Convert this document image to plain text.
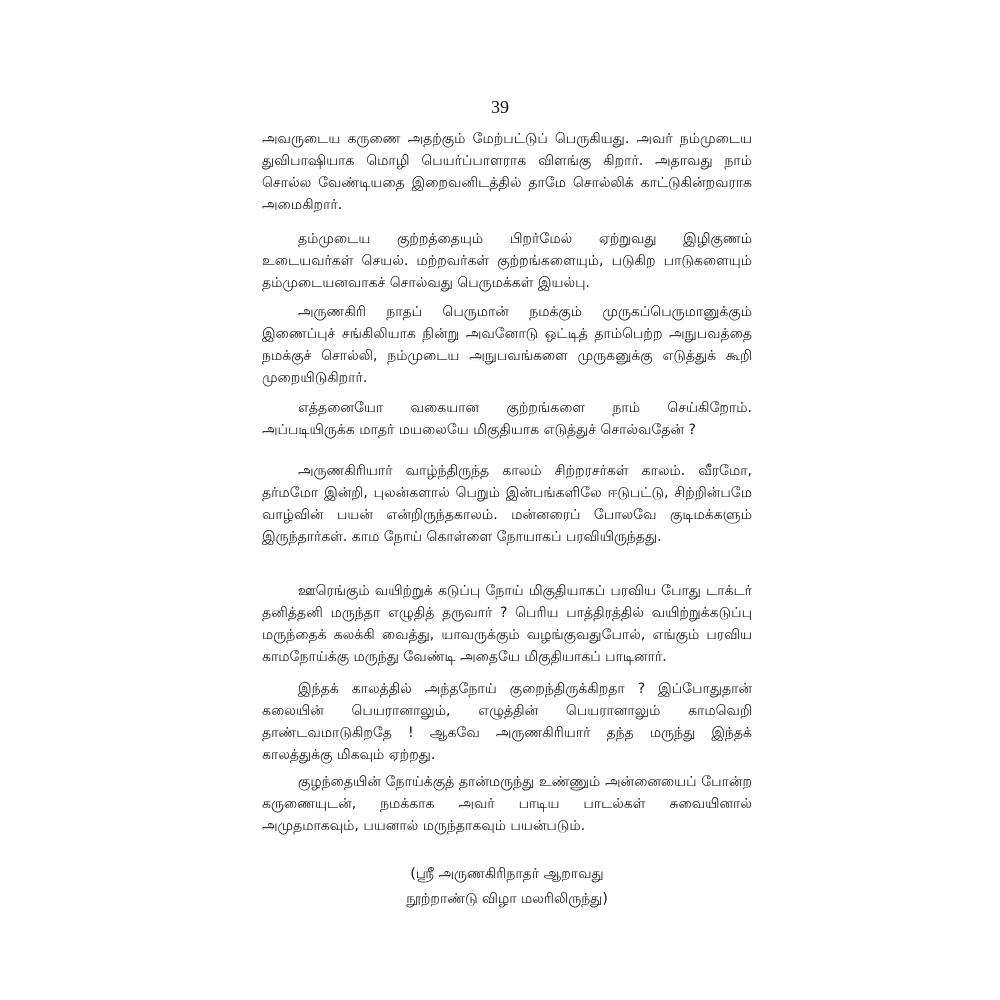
39

அவருடைய கருணை அதற்கும் மேற்பட்டுப் பெருகியது. அவர் நம்முடைய துவிபாஷியாக மொழி பெயர்ப்பாளராக விளங்கு கிறார். அதாவது நாம் சொல்ல வேண்டியதை இறைவனிடத்தில் தாமே சொல்லிக் காட்டுகின்றவராக அமைகிறார்.

தம்முடைய குற்றத்தையும் பிறர்மேல் ஏற்றுவது இழிகுணம் உடையவர்கள் செயல். மற்றவர்கள் குற்றங்களையும், படுகிற பாடுகளையும் தம்முடையனவாகச் சொல்வது பெருமக்கள் இயல்பு.

அருணகிரி நாதப் பெருமான் நமக்கும் முருகப்பெருமானுக்கும் இணைப்புச் சங்கிலியாக நின்று அவனோடு ஒட்டித் தாம்பெற்ற அநுபவத்தை நமக்குச் சொல்லி, நம்முடைய அநுபவங்களை முருகனுக்கு எடுத்துக் கூறி முறையிடுகிறார்.

எத்தனையோ வகையான குற்றங்களை நாம் செய்கிறோம். அப்படியிருக்க மாதர் மயலையே மிகுதியாக எடுத்துச் சொல்வதேன் ?

அருணகிரியார் வாழ்ந்திருந்த காலம் சிற்றரசர்கள் காலம். வீரமோ, தர்மமோ இன்றி, புலன்களால் பெறும் இன்பங்களிலே ஈடுபட்டு, சிற்றின்பமே வாழ்வின் பயன் என்றிருந்தகாலம். மன்னரைப் போலவே குடிமக்களும் இருந்தார்கள். காம நோய் கொள்ளை நோயாகப் பரவியிருந்தது.

ஊரெங்கும் வயிற்றுக் கடுப்பு நோய் மிகுதியாகப் பரவிய போது டாக்டர் தனித்தனி மருந்தா எழுதித் தருவார் ? பெரிய பாத்திரத்தில் வயிற்றுக்கடுப்பு மருந்தைக் கலக்கி வைத்து, யாவருக்கும் வழங்குவதுபோல், எங்கும் பரவிய காமநோய்க்கு மருந்து வேண்டி அதையே மிகுதியாகப் பாடினார்.

இந்தக் காலத்தில் அந்தநோய் குறைந்திருக்கிறதா ? இப்போதுதான் கலையின் பெயரானாலும், எழுத்தின் பெயரானாலும் காமவெறி தாண்டவமாடுகிறதே ! ஆகவே அருணகிரியார் தந்த மருந்து இந்தக் காலத்துக்கு மிகவும் ஏற்றது.

குழந்தையின் நோய்க்குத் தான்மருந்து உண்ணும் அன்னையைப் போன்ற கருணையுடன், நமக்காக அவர் பாடிய பாடல்கள் சுவையினால் அமுதமாகவும், பயனால் மருந்தாகவும் பயன்படும்.

(ஸ்ரீ அருணகிரிநாதர் ஆறாவது
நூற்றாண்டு விழா மலரிலிருந்து)
